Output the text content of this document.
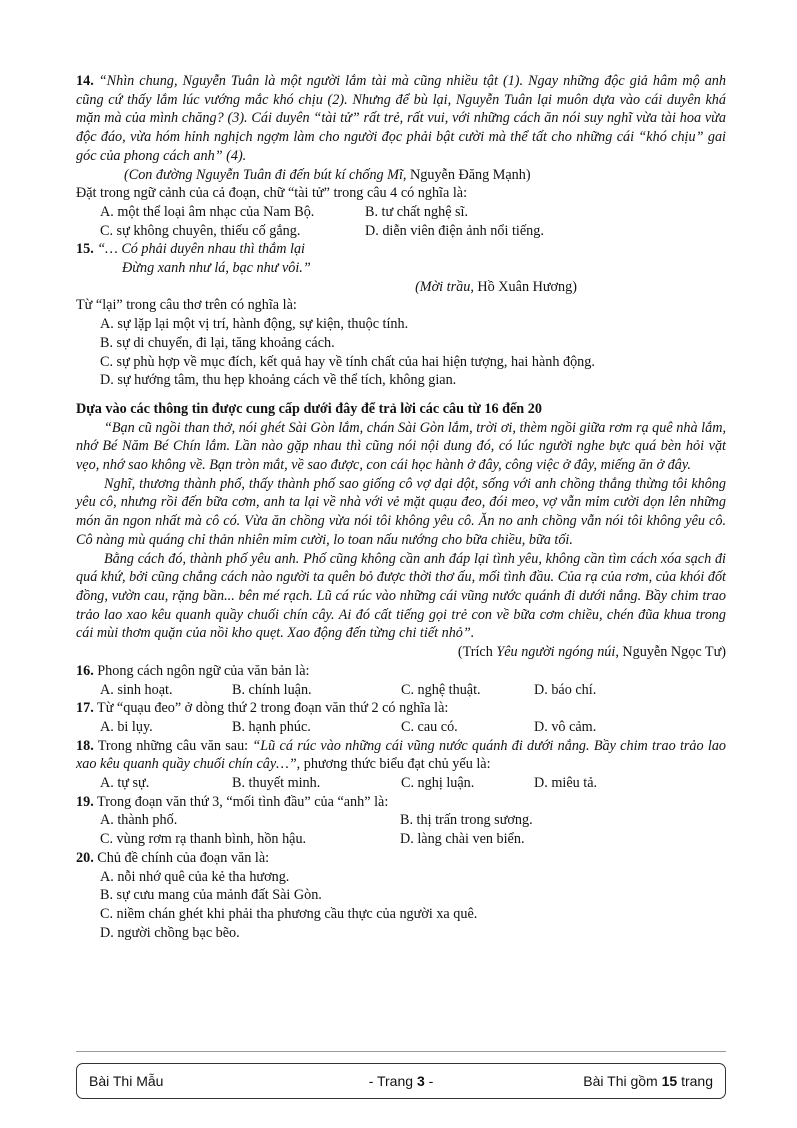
14. “Nhìn chung, Nguyễn Tuân là một người lắm tài mà cũng nhiều tật (1). Ngay những độc giả hâm mộ anh cũng cứ thấy lắm lúc vướng mắc khó chịu (2). Nhưng để bù lại, Nguyễn Tuân lại muôn dựa vào cái duyên khá mặn mà của mình chăng? (3). Cái duyên “tài tử” rất trẻ, rất vui, với những cách ăn nói suy nghĩ vừa tài hoa vừa độc đáo, vừa hóm hỉnh nghịch ngợm làm cho người đọc phải bật cười mà thể tất cho những cái “khó chịu” gai góc của phong cách anh” (4).

(Con đường Nguyễn Tuân đi đến bút kí chống Mĩ, Nguyễn Đăng Mạnh)

Đặt trong ngữ cảnh của cả đoạn, chữ “tài tử” trong câu 4 có nghĩa là:

A. một thể loại âm nhạc của Nam Bộ.	B. tư chất nghệ sĩ.
C. sự không chuyên, thiếu cố gắng.	D. diễn viên điện ảnh nổi tiếng.
15. “… Có phải duyên nhau thì thắm lại
Đừng xanh như lá, bạc như vôi.”

(Mời trầu, Hồ Xuân Hương)

Từ “lại” trong câu thơ trên có nghĩa là:

A. sự lặp lại một vị trí, hành động, sự kiện, thuộc tính.
B. sự di chuyển, đi lại, tăng khoảng cách.
C. sự phù hợp về mục đích, kết quả hay về tính chất của hai hiện tượng, hai hành động.
D. sự hướng tâm, thu hẹp khoảng cách về thể tích, không gian.

Dựa vào các thông tin được cung cấp dưới đây để trả lời các câu từ 16 đến 20

“Bạn cũ ngồi than thở, nói ghét Sài Gòn lắm, chán Sài Gòn lắm, trời ơi, thèm ngồi giữa rơm rạ quê nhà lắm, nhớ Bé Năm Bé Chín lắm. Lần nào gặp nhau thì cũng nói nội dung đó, có lúc người nghe bực quá bèn hỏi vặt vẹo, nhớ sao không về. Bạn tròn mắt, về sao được, con cái học hành ở đây, công việc ở đây, miếng ăn ở đây.

Nghĩ, thương thành phố, thấy thành phố sao giống cô vợ dại dột, sống với anh chồng thẳng thừng tôi không yêu cô, nhưng rồi đến bữa cơm, anh ta lại về nhà với vẻ mặt quạu đeo, đói meo, vợ vẫn mỉm cười dọn lên những món ăn ngon nhất mà cô có. Vừa ăn chồng vừa nói tôi không yêu cô. Ăn no anh chồng vẫn nói tôi không yêu cô. Cô nàng mù quáng chỉ thản nhiên mỉm cười, lo toan nấu nướng cho bữa chiều, bữa tối.

Bằng cách đó, thành phố yêu anh. Phố cũng không cần anh đáp lại tình yêu, không cần tìm cách xóa sạch đi quá khứ, bởi cũng chẳng cách nào người ta quên bỏ được thời thơ ấu, mối tình đầu. Của rạ của rơm, của khói đốt đồng, vườn cau, rặng bần... bên mé rạch. Lũ cá rúc vào những cái vũng nước quánh đi dưới nắng. Bầy chim trao trảo lao xao kêu quanh quầy chuối chín cây. Ai đó cất tiếng gọi trẻ con về bữa cơm chiều, chén đũa khua trong cái mùi thơm quặn của nồi kho quẹt. Xao động đến từng chi tiết nhỏ”.

(Trích Yêu người ngóng núi, Nguyễn Ngọc Tư)

16. Phong cách ngôn ngữ của văn bản là:

A. sinh hoạt.	B. chính luận.	C. nghệ thuật.	D. báo chí.

17. Từ “quạu đeo” ở dòng thứ 2 trong đoạn văn thứ 2 có nghĩa là:

A. bi lụy.	B. hạnh phúc.	C. cau có.	D. vô cảm.

18. Trong những câu văn sau: “Lũ cá rúc vào những cái vũng nước quánh đi dưới nắng. Bầy chim trao trảo lao xao kêu quanh quầy chuối chín cây…”, phương thức biểu đạt chủ yếu là:

A. tự sự.	B. thuyết minh.	C. nghị luận.	D. miêu tả.

19. Trong đoạn văn thứ 3, “mối tình đầu” của “anh” là:

A. thành phố.	B. thị trấn trong sương.
C. vùng rơm rạ thanh bình, hồn hậu.	D. làng chài ven biển.

20. Chủ đề chính của đoạn văn là:

A. nỗi nhớ quê của kẻ tha hương.
B. sự cưu mang của mảnh đất Sài Gòn.
C. niềm chán ghét khi phải tha phương cầu thực của người xa quê.
D. người chồng bạc bẽo.
Bài Thi Mẫu	- Trang 3 -	Bài Thi gồm 15 trang
